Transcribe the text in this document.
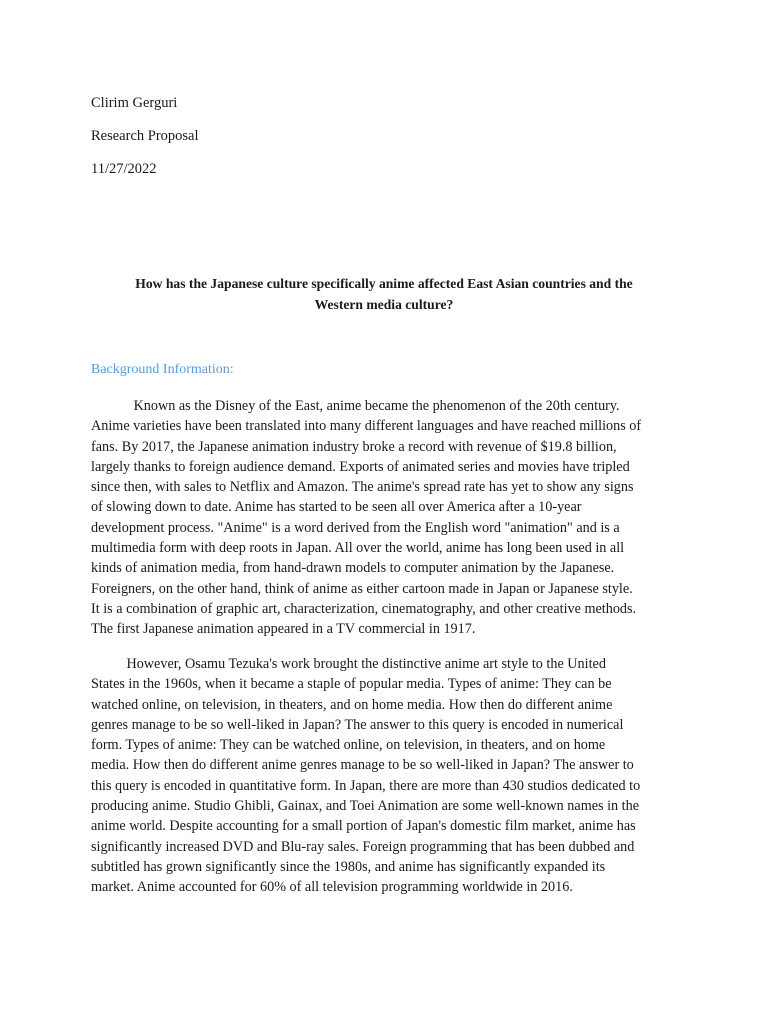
Clirim Gerguri
Research Proposal
11/27/2022
How has the Japanese culture specifically anime affected East Asian countries and the
Western media culture?
Background Information:
Known as the Disney of the East, anime became the phenomenon of the 20th century.
Anime varieties have been translated into many different languages and have reached millions of
fans. By 2017, the Japanese animation industry broke a record with revenue of $19.8 billion,
largely thanks to foreign audience demand. Exports of animated series and movies have tripled
since then, with sales to Netflix and Amazon. The anime's spread rate has yet to show any signs
of slowing down to date. Anime has started to be seen all over America after a 10-year
development process. "Anime" is a word derived from the English word "animation" and is a
multimedia form with deep roots in Japan. All over the world, anime has long been used in all
kinds of animation media, from hand-drawn models to computer animation by the Japanese.
Foreigners, on the other hand, think of anime as either cartoon made in Japan or Japanese style.
It is a combination of graphic art, characterization, cinematography, and other creative methods.
The first Japanese animation appeared in a TV commercial in 1917.
However, Osamu Tezuka's work brought the distinctive anime art style to the United
States in the 1960s, when it became a staple of popular media. Types of anime: They can be
watched online, on television, in theaters, and on home media. How then do different anime
genres manage to be so well-liked in Japan? The answer to this query is encoded in numerical
form. Types of anime: They can be watched online, on television, in theaters, and on home
media. How then do different anime genres manage to be so well-liked in Japan? The answer to
this query is encoded in quantitative form. In Japan, there are more than 430 studios dedicated to
producing anime. Studio Ghibli, Gainax, and Toei Animation are some well-known names in the
anime world. Despite accounting for a small portion of Japan's domestic film market, anime has
significantly increased DVD and Blu-ray sales. Foreign programming that has been dubbed and
subtitled has grown significantly since the 1980s, and anime has significantly expanded its
market. Anime accounted for 60% of all television programming worldwide in 2016.
